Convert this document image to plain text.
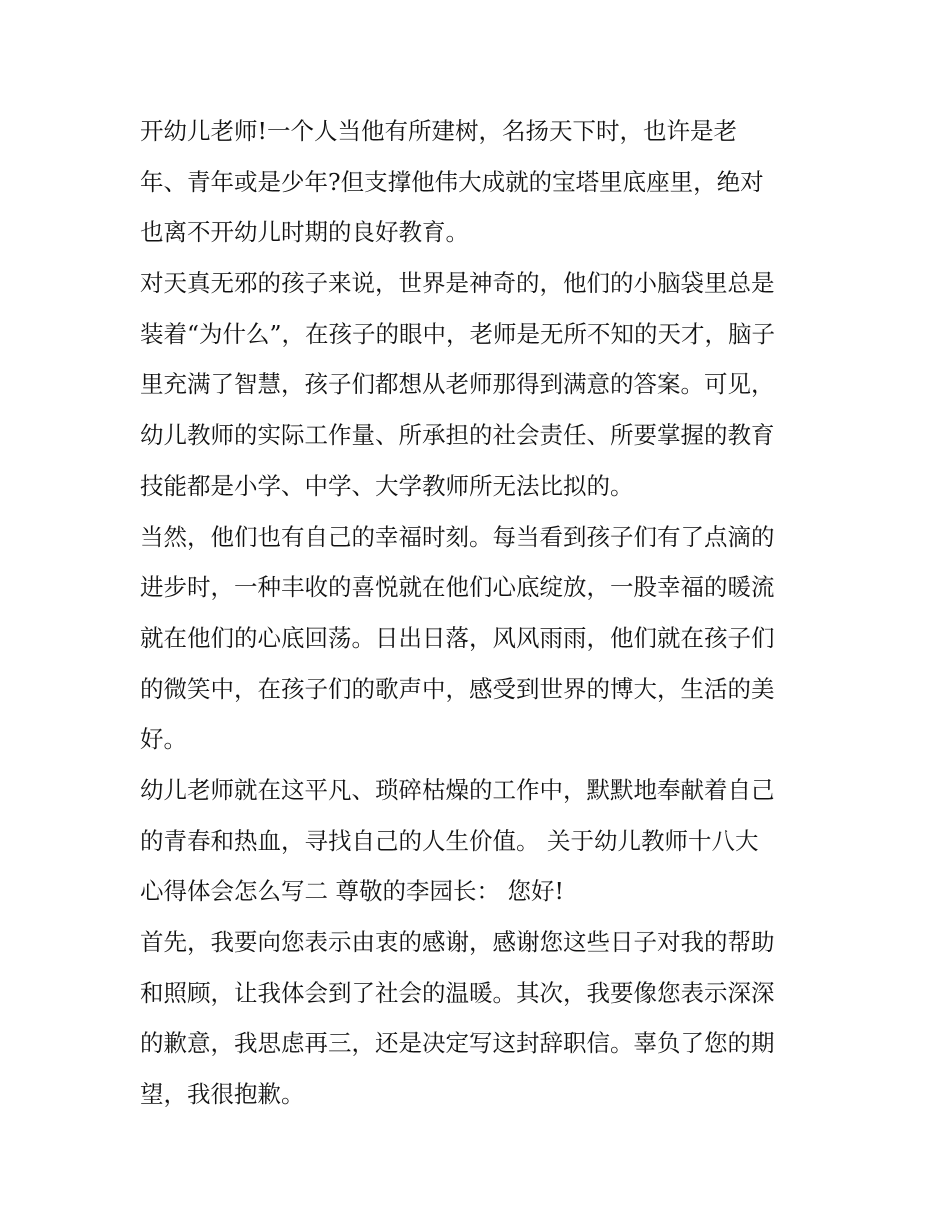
开幼儿老师!一个人当他有所建树，名扬天下时，也许是老
年、青年或是少年?但支撑他伟大成就的宝塔里底座里，绝对
也离不开幼儿时期的良好教育。
对天真无邪的孩子来说，世界是神奇的，他们的小脑袋里总是
装着“为什么”，在孩子的眼中，老师是无所不知的天才，脑子
里充满了智慧，孩子们都想从老师那得到满意的答案。可见，
幼儿教师的实际工作量、所承担的社会责任、所要掌握的教育
技能都是小学、中学、大学教师所无法比拟的。
当然，他们也有自己的幸福时刻。每当看到孩子们有了点滴的
进步时，一种丰收的喜悦就在他们心底绽放，一股幸福的暖流
就在他们的心底回荡。日出日落，风风雨雨，他们就在孩子们
的微笑中，在孩子们的歌声中，感受到世界的博大，生活的美
好。
幼儿老师就在这平凡、琐碎枯燥的工作中，默默地奉献着自己
的青春和热血，寻找自己的人生价值。 关于幼儿教师十八大
心得体会怎么写二 尊敬的李园长： 您好!
首先，我要向您表示由衷的感谢，感谢您这些日子对我的帮助
和照顾，让我体会到了社会的温暖。其次，我要像您表示深深
的歉意，我思虑再三，还是决定写这封辞职信。辜负了您的期
望，我很抱歉。
